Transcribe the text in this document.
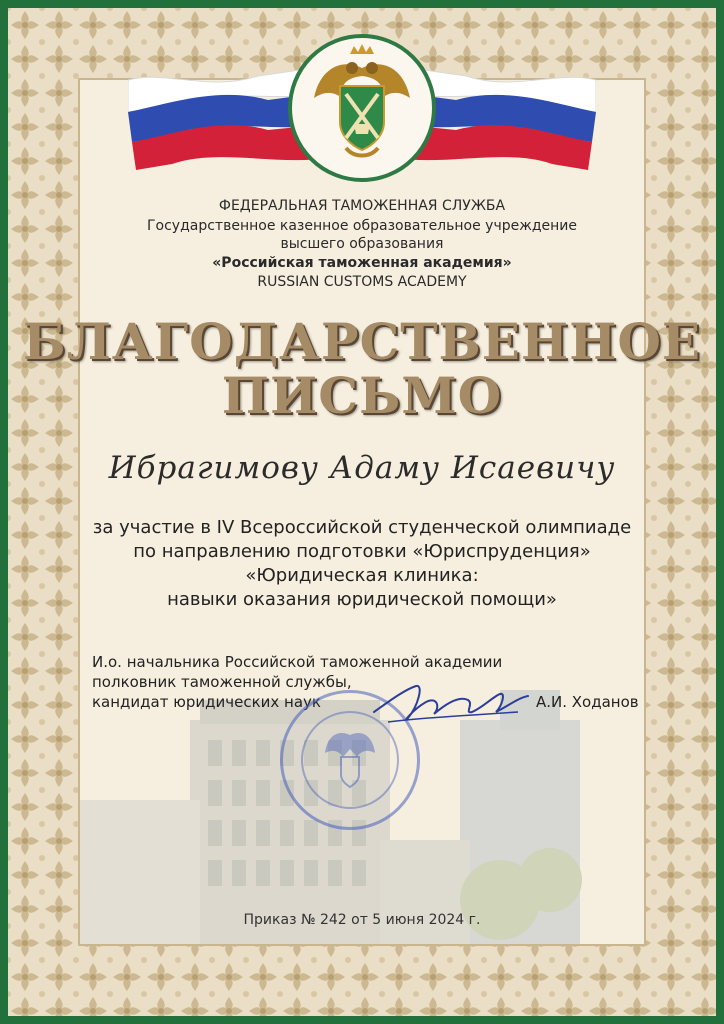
ФЕДЕРАЛЬНАЯ ТАМОЖЕННАЯ СЛУЖБА
Государственное казенное образовательное учреждение
высшего образования
«Российская таможенная академия»
RUSSIAN CUSTOMS ACADEMY
БЛАГОДАРСТВЕННОЕ
ПИСЬМО
Ибрагимову Адаму Исаевичу
за участие в IV Всероссийской студенческой олимпиаде
по направлению подготовки «Юриспруденция»
«Юридическая клиника:
навыки оказания юридической помощи»
И.о. начальника Российской таможенной академии
полковник таможенной службы,
кандидат юридических наук	А.И. Ходанов
Приказ № 242 от 5 июня 2024 г.
